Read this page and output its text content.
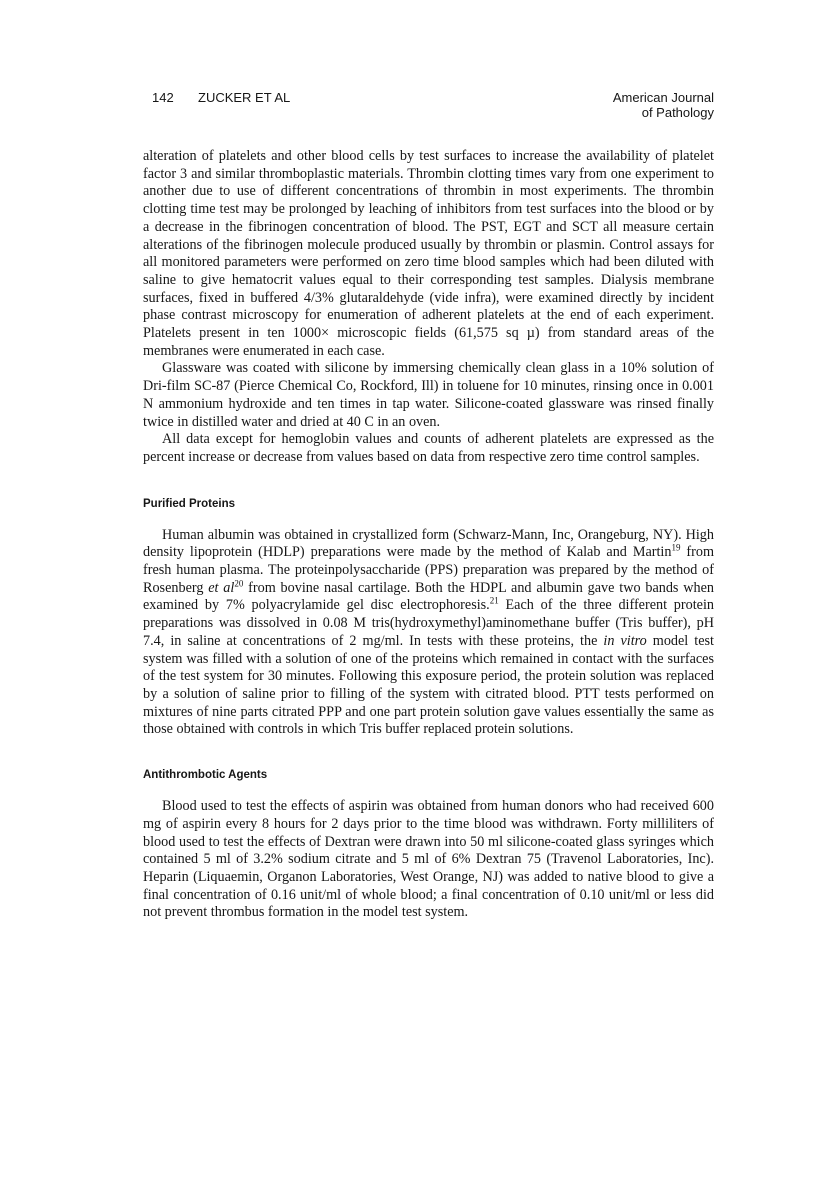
142 ZUCKER ET AL	American Journal
of Pathology

alteration of platelets and other blood cells by test surfaces to increase the availability of platelet factor 3 and similar thromboplastic materials. Thrombin clotting times vary from one experiment to another due to use of different concentrations of thrombin in most experiments. The thrombin clotting time test may be prolonged by leaching of inhibitors from test surfaces into the blood or by a decrease in the fibrinogen concentration of blood. The PST, EGT and SCT all measure certain alterations of the fibrinogen molecule produced usually by thrombin or plasmin. Control assays for all monitored parameters were performed on zero time blood samples which had been diluted with saline to give hematocrit values equal to their corresponding test samples. Dialysis membrane surfaces, fixed in buffered 4/3% glutaraldehyde (vide infra), were examined directly by incident phase contrast microscopy for enumeration of adherent platelets at the end of each experiment. Platelets present in ten 1000× microscopic fields (61,575 sq µ) from standard areas of the membranes were enumerated in each case.

Glassware was coated with silicone by immersing chemically clean glass in a 10% solution of Dri-film SC-87 (Pierce Chemical Co, Rockford, Ill) in toluene for 10 minutes, rinsing once in 0.001 N ammonium hydroxide and ten times in tap water. Silicone-coated glassware was rinsed finally twice in distilled water and dried at 40 C in an oven.

All data except for hemoglobin values and counts of adherent platelets are expressed as the percent increase or decrease from values based on data from respective zero time control samples.

Purified Proteins

Human albumin was obtained in crystallized form (Schwarz-Mann, Inc, Orangeburg, NY). High density lipoprotein (HDLP) preparations were made by the method of Kalab and Martin$^{19}$ from fresh human plasma. The proteinpolysaccharide (PPS) preparation was prepared by the method of Rosenberg et $al^{20}$ from bovine nasal cartilage. Both the HDPL and albumin gave two bands when examined by 7% polyacrylamide gel disc electrophoresis.$^{21}$ Each of the three different protein preparations was dissolved in 0.08 M tris(hydroxymethyl)aminomethane buffer (Tris buffer), pH 7.4, in saline at concentrations of 2 mg/ml. In tests with these proteins, the in vitro model test system was filled with a solution of one of the proteins which remained in contact with the surfaces of the test system for 30 minutes. Following this exposure period, the protein solution was replaced by a solution of saline prior to filling of the system with citrated blood. PTT tests performed on mixtures of nine parts citrated PPP and one part protein solution gave values essentially the same as those obtained with controls in which Tris buffer replaced protein solutions.

Antithrombotic Agents

Blood used to test the effects of aspirin was obtained from human donors who had received 600 mg of aspirin every 8 hours for 2 days prior to the time blood was withdrawn. Forty milliliters of blood used to test the effects of Dextran were drawn into 50 ml silicone-coated glass syringes which contained 5 ml of 3.2% sodium citrate and 5 ml of 6% Dextran 75 (Travenol Laboratories, Inc). Heparin (Liquaemin, Organon Laboratories, West Orange, NJ) was added to native blood to give a final concentration of 0.16 unit/ml of whole blood; a final concentration of 0.10 unit/ml or less did not prevent thrombus formation in the model test system.
